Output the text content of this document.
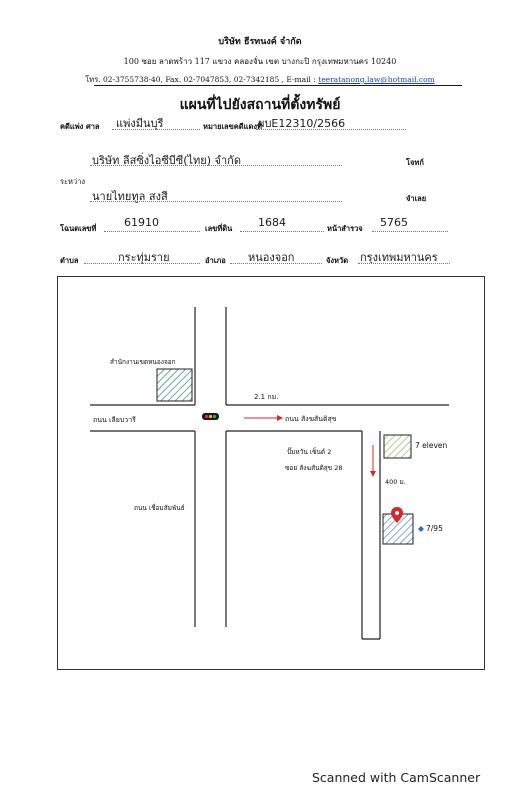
บริษัท ธีรทนงค์ จำกัด
100 ซอย ลาดพร้าว 117 แขวง คลองจั่น เขต บางกะปิ กรุงเทพมหานคร 10240
โทร. 02-3755738-40, Fax. 02-7047853, 02-7342185 , E-mail : teeratanong.law@hotmail.com
แผนที่ไปยังสถานที่ตั้งทรัพย์
คดีแพ่ง ศาล แพ่งมีนบุรี	หมายเลขคดีแดงที่
ผบE12310/2566
บริษัท ลีสซิ่งไอซีบีซี(ไทย) จำกัด	โจทก์
ระหว่าง
นายไทยทูล สงสี	จำเลย
โฉนดเลขที่	61910	เลขที่ดิน 1684	หน้าสำรวจ 5765
ตำบล	กระทุ่มราย	อำเภอ หนองจอก	จังหวัด กรุงเทพมหานคร
สำนักงานเขตหนองจอก
2.1 กม.
ถนน เลียบวารี	ถนน สังฆสันติสุข
ปั๊มหวัน เซ็นต์ 2
ซอย สังฆสันติสุข 28
7 eleven
400 ม.
7/95
ถนน เชื่อมสัมพันธ์
Scanned with CamScanner
